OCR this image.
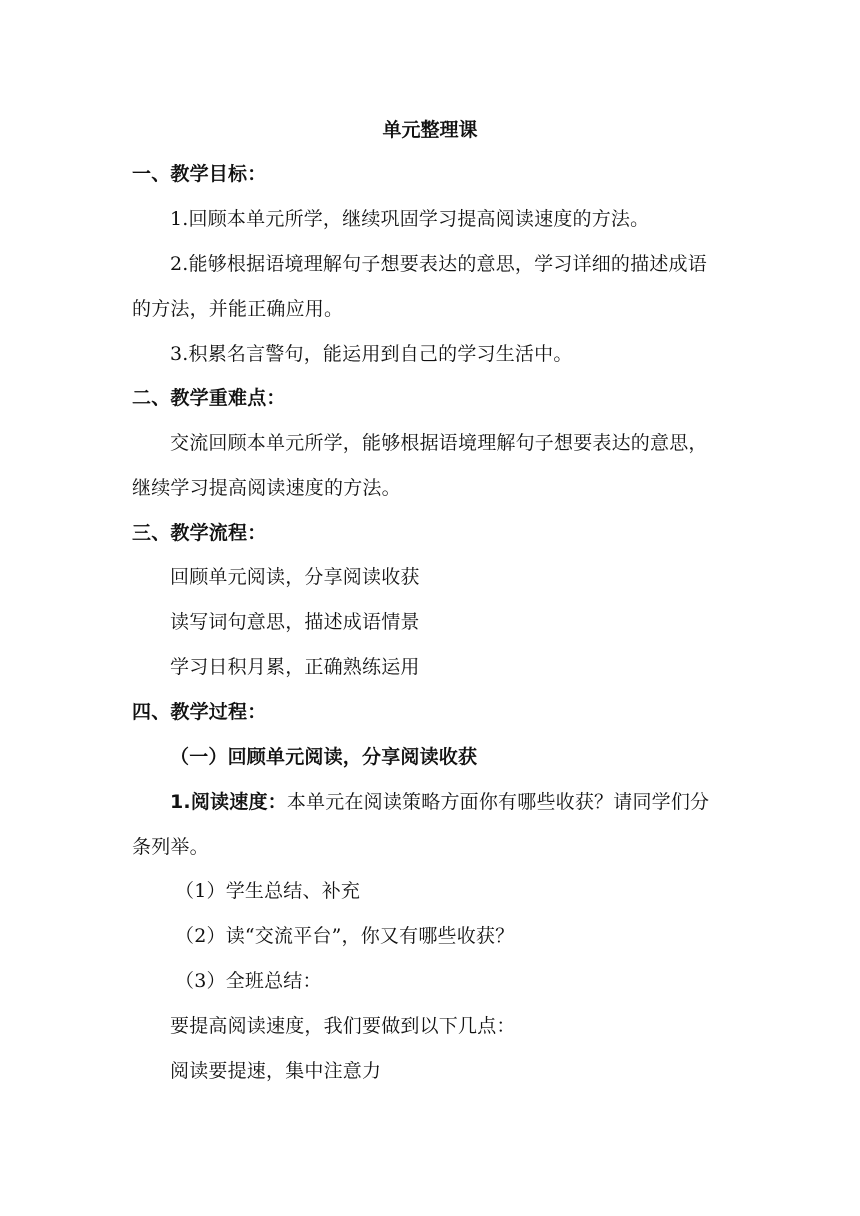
单元整理课
一、教学目标：
1.回顾本单元所学，继续巩固学习提高阅读速度的方法。
2.能够根据语境理解句子想要表达的意思，学习详细的描述成语
的方法，并能正确应用。
3.积累名言警句，能运用到自己的学习生活中。
二、教学重难点：
交流回顾本单元所学，能够根据语境理解句子想要表达的意思，
继续学习提高阅读速度的方法。
三、教学流程：
回顾单元阅读，分享阅读收获
读写词句意思，描述成语情景
学习日积月累，正确熟练运用
四、教学过程：
（一）回顾单元阅读，分享阅读收获
1.阅读速度：本单元在阅读策略方面你有哪些收获？请同学们分
条列举。
（1）学生总结、补充
（2）读“交流平台”，你又有哪些收获？
（3）全班总结：
要提高阅读速度，我们要做到以下几点：
阅读要提速，集中注意力
